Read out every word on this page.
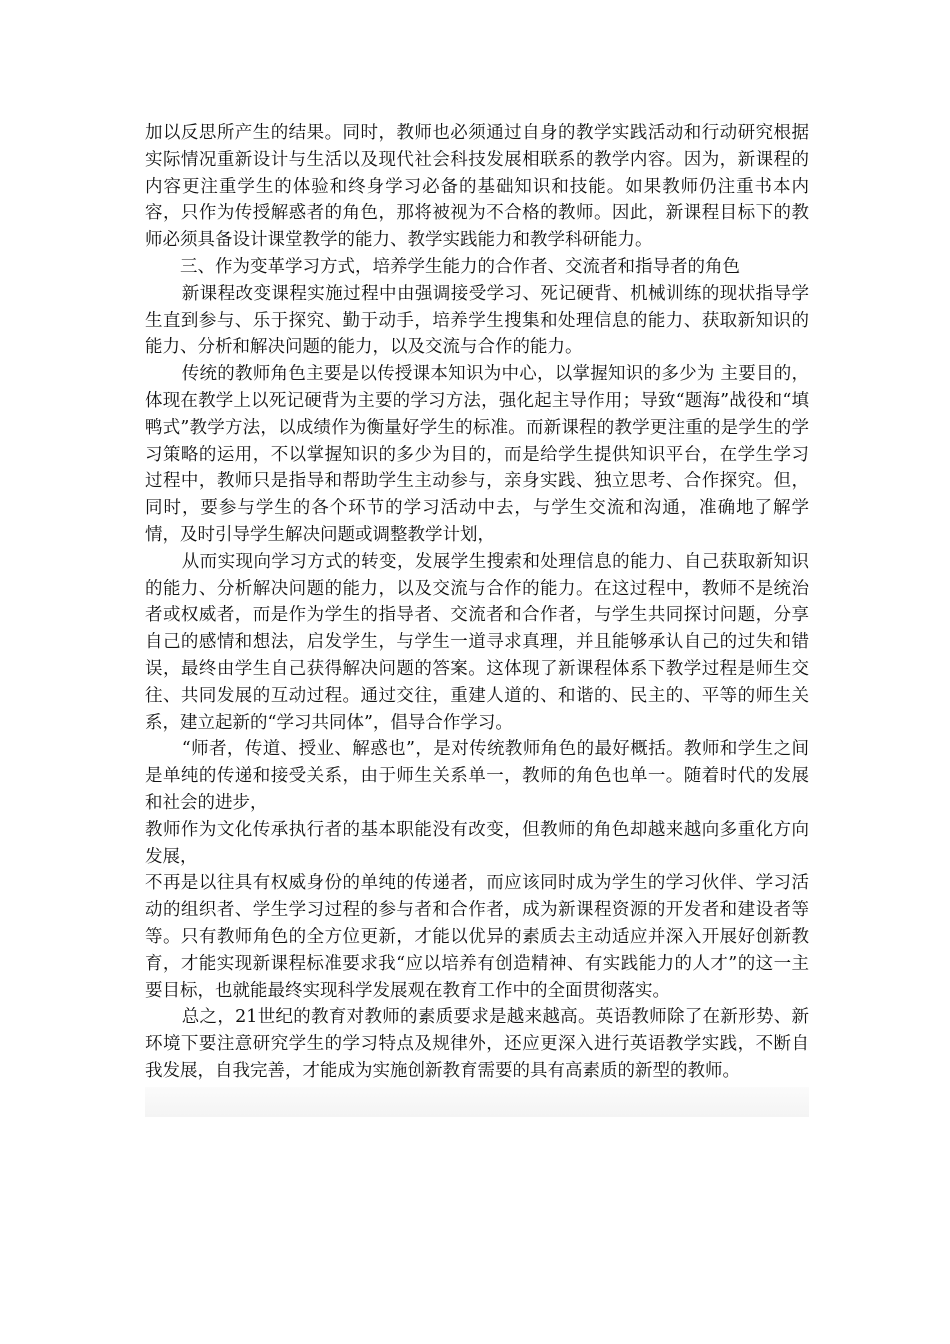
加以反思所产生的结果。同时，教师也必须通过自身的教学实践活动和行动研究根据实际情况重新设计与生活以及现代社会科技发展相联系的教学内容。因为，新课程的内容更注重学生的体验和终身学习必备的基础知识和技能。如果教师仍注重书本内容，只作为传授解惑者的角色，那将被视为不合格的教师。因此，新课程目标下的教师必须具备设计课堂教学的能力、教学实践能力和教学科研能力。

三、作为变革学习方式，培养学生能力的合作者、交流者和指导者的角色

新课程改变课程实施过程中由强调接受学习、死记硬背、机械训练的现状指导学生直到参与、乐于探究、勤于动手，培养学生搜集和处理信息的能力、获取新知识的能力、分析和解决问题的能力，以及交流与合作的能力。

传统的教师角色主要是以传授课本知识为中心，以掌握知识的多少为 主要目的，体现在教学上以死记硬背为主要的学习方法，强化起主导作用；导致“题海”战役和“填鸭式”教学方法，以成绩作为衡量好学生的标准。而新课程的教学更注重的是学生的学习策略的运用，不以掌握知识的多少为目的，而是给学生提供知识平台，在学生学习过程中，教师只是指导和帮助学生主动参与，亲身实践、独立思考、合作探究。但，同时，要参与学生的各个环节的学习活动中去，与学生交流和沟通，准确地了解学情，及时引导学生解决问题或调整教学计划，

从而实现向学习方式的转变，发展学生搜索和处理信息的能力、自己获取新知识的能力、分析解决问题的能力，以及交流与合作的能力。在这过程中，教师不是统治者或权威者，而是作为学生的指导者、交流者和合作者，与学生共同探讨问题，分享自己的感情和想法，启发学生，与学生一道寻求真理，并且能够承认自己的过失和错误，最终由学生自己获得解决问题的答案。这体现了新课程体系下教学过程是师生交往、共同发展的互动过程。通过交往，重建人道的、和谐的、民主的、平等的师生关系，建立起新的“学习共同体”，倡导合作学习。

“师者，传道、授业、解惑也”，是对传统教师角色的最好概括。教师和学生之间是单纯的传递和接受关系，由于师生关系单一，教师的角色也单一。随着时代的发展和社会的进步，

教师作为文化传承执行者的基本职能没有改变，但教师的角色却越来越向多重化方向发展，

不再是以往具有权威身份的单纯的传递者，而应该同时成为学生的学习伙伴、学习活动的组织者、学生学习过程的参与者和合作者，成为新课程资源的开发者和建设者等等。只有教师角色的全方位更新，才能以优异的素质去主动适应并深入开展好创新教育，才能实现新课程标准要求我“应以培养有创造精神、有实践能力的人才”的这一主要目标，也就能最终实现科学发展观在教育工作中的全面贯彻落实。

总之，21世纪的教育对教师的素质要求是越来越高。英语教师除了在新形势、新环境下要注意研究学生的学习特点及规律外，还应更深入进行英语教学实践，不断自我发展，自我完善，才能成为实施创新教育需要的具有高素质的新型的教师。
